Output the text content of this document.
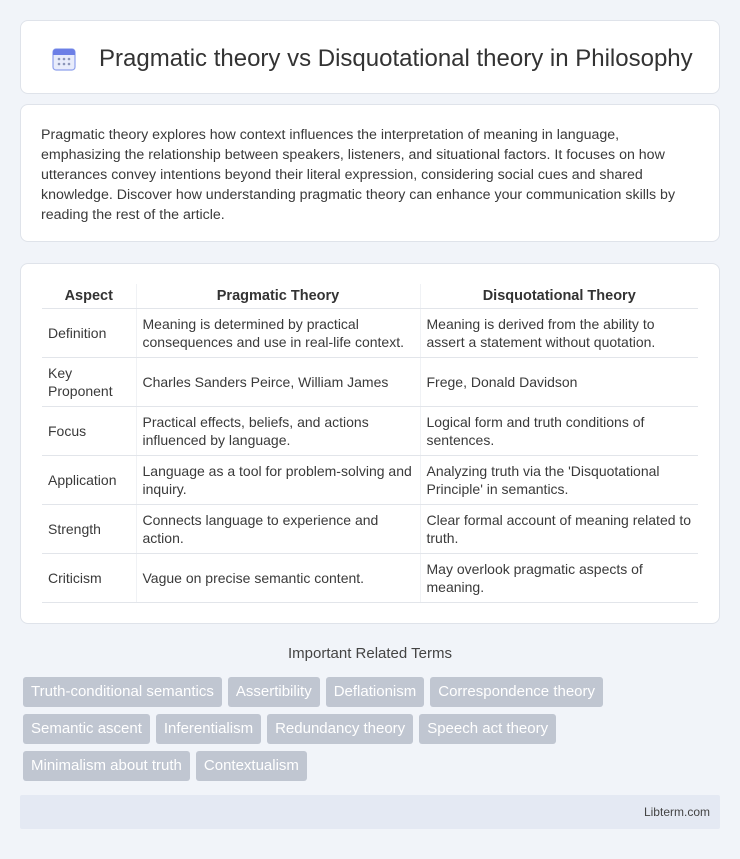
Pragmatic theory vs Disquotational theory in Philosophy

Pragmatic theory explores how context influences the interpretation of meaning in language, emphasizing the relationship between speakers, listeners, and situational factors. It focuses on how utterances convey intentions beyond their literal expression, considering social cues and shared knowledge. Discover how understanding pragmatic theory can enhance your communication skills by reading the rest of the article.

Aspect	Pragmatic Theory	Disquotational Theory
Definition	Meaning is determined by practical consequences and use in real-life context.	Meaning is derived from the ability to assert a statement without quotation.
Key Proponent	Charles Sanders Peirce, William James	Frege, Donald Davidson
Focus	Practical effects, beliefs, and actions influenced by language.	Logical form and truth conditions of sentences.
Application	Language as a tool for problem-solving and inquiry.	Analyzing truth via the 'Disquotational Principle' in semantics.
Strength	Connects language to experience and action.	Clear formal account of meaning related to truth.
Criticism	Vague on precise semantic content.	May overlook pragmatic aspects of meaning.
Important Related Terms
Truth-conditional semantics	Assertibility	Deflationism	Correspondence theory
Semantic ascent	Inferentialism	Redundancy theory	Speech act theory
Minimalism about truth	Contextualism
Libterm.com
